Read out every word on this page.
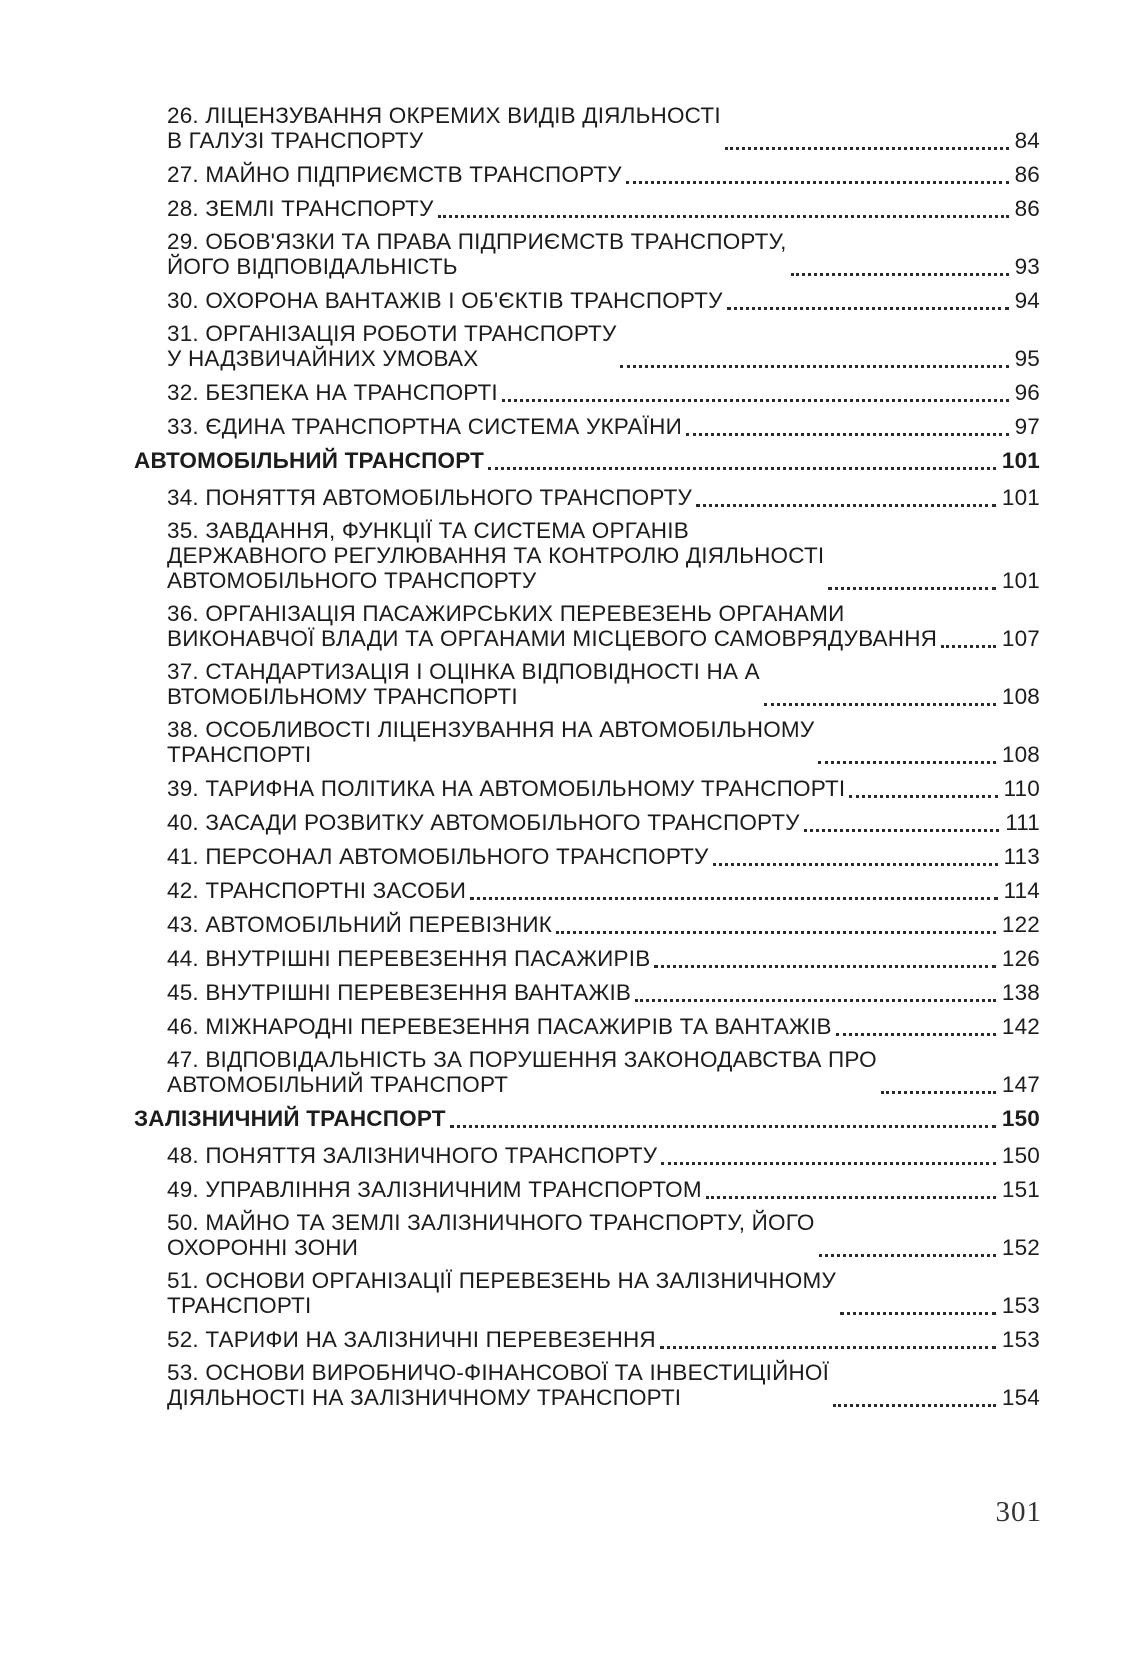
26. ЛІЦЕНЗУВАННЯ ОКРЕМИХ ВИДІВ ДІЯЛЬНОСТІ
В ГАЛУЗІ ТРАНСПОРТУ	84
27. МАЙНО ПІДПРИЄМСТВ ТРАНСПОРТУ	86
28. ЗЕМЛІ ТРАНСПОРТУ	86
29. ОБОВ'ЯЗКИ ТА ПРАВА ПІДПРИЄМСТВ ТРАНСПОРТУ,
ЙОГО ВІДПОВІДАЛЬНІСТЬ	93
30. ОХОРОНА ВАНТАЖІВ І ОБ'ЄКТІВ ТРАНСПОРТУ	94
31. ОРГАНІЗАЦІЯ РОБОТИ ТРАНСПОРТУ
У НАДЗВИЧАЙНИХ УМОВАХ	95
32. БЕЗПЕКА НА ТРАНСПОРТІ	96
33. ЄДИНА ТРАНСПОРТНА СИСТЕМА УКРАЇНИ	97
АВТОМОБІЛЬНИЙ ТРАНСПОРТ	101
34. ПОНЯТТЯ АВТОМОБІЛЬНОГО ТРАНСПОРТУ	101
35. ЗАВДАННЯ, ФУНКЦІЇ ТА СИСТЕМА ОРГАНІВ
ДЕРЖАВНОГО РЕГУЛЮВАННЯ ТА КОНТРОЛЮ ДІЯЛЬНОСТІ
АВТОМОБІЛЬНОГО ТРАНСПОРТУ	101
36. ОРГАНІЗАЦІЯ ПАСАЖИРСЬКИХ ПЕРЕВЕЗЕНЬ ОРГАНАМИ
ВИКОНАВЧОЇ ВЛАДИ ТА ОРГАНАМИ МІСЦЕВОГО САМОВРЯДУВАННЯ	107
37. СТАНДАРТИЗАЦІЯ І ОЦІНКА ВІДПОВІДНОСТІ НА А
ВТОМОБІЛЬНОМУ ТРАНСПОРТІ	108
38. ОСОБЛИВОСТІ ЛІЦЕНЗУВАННЯ НА АВТОМОБІЛЬНОМУ
ТРАНСПОРТІ	108
39. ТАРИФНА ПОЛІТИКА НА АВТОМОБІЛЬНОМУ ТРАНСПОРТІ	110
40. ЗАСАДИ РОЗВИТКУ АВТОМОБІЛЬНОГО ТРАНСПОРТУ	111
41. ПЕРСОНАЛ АВТОМОБІЛЬНОГО ТРАНСПОРТУ	113
42. ТРАНСПОРТНІ ЗАСОБИ	114
43. АВТОМОБІЛЬНИЙ ПЕРЕВІЗНИК	122
44. ВНУТРІШНІ ПЕРЕВЕЗЕННЯ ПАСАЖИРІВ	126
45. ВНУТРІШНІ ПЕРЕВЕЗЕННЯ ВАНТАЖІВ	138
46. МІЖНАРОДНІ ПЕРЕВЕЗЕННЯ ПАСАЖИРІВ ТА ВАНТАЖІВ	142
47. ВІДПОВІДАЛЬНІСТЬ ЗА ПОРУШЕННЯ ЗАКОНОДАВСТВА ПРО
АВТОМОБІЛЬНИЙ ТРАНСПОРТ	147
ЗАЛІЗНИЧНИЙ ТРАНСПОРТ	150
48. ПОНЯТТЯ ЗАЛІЗНИЧНОГО ТРАНСПОРТУ	150
49. УПРАВЛІННЯ ЗАЛІЗНИЧНИМ ТРАНСПОРТОМ	151
50. МАЙНО ТА ЗЕМЛІ ЗАЛІЗНИЧНОГО ТРАНСПОРТУ, ЙОГО
ОХОРОННІ ЗОНИ	152
51. ОСНОВИ ОРГАНІЗАЦІЇ ПЕРЕВЕЗЕНЬ НА ЗАЛІЗНИЧНОМУ
ТРАНСПОРТІ	153
52. ТАРИФИ НА ЗАЛІЗНИЧНІ ПЕРЕВЕЗЕННЯ	153
53. ОСНОВИ ВИРОБНИЧО-ФІНАНСОВОЇ ТА ІНВЕСТИЦІЙНОЇ
ДІЯЛЬНОСТІ НА ЗАЛІЗНИЧНОМУ ТРАНСПОРТІ	154
301
